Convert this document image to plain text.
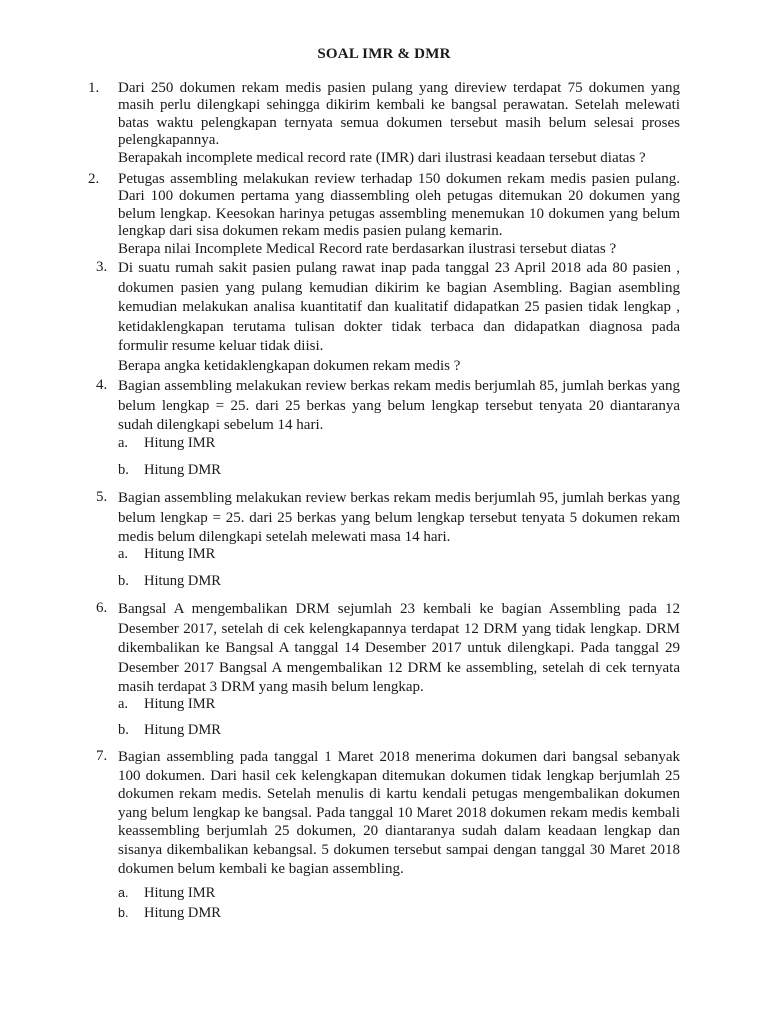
SOAL IMR & DMR
1. Dari 250 dokumen rekam medis pasien pulang yang direview terdapat 75 dokumen yang masih perlu dilengkapi sehingga dikirim kembali ke bangsal perawatan. Setelah melewati batas waktu pelengkapan ternyata semua dokumen tersebut masih belum selesai proses pelengkapannya.

Berapakah incomplete medical record rate (IMR) dari ilustrasi keadaan tersebut diatas ?

2. Petugas assembling melakukan review terhadap 150 dokumen rekam medis pasien pulang. Dari 100 dokumen pertama yang diassembling oleh petugas ditemukan 20 dokumen yang belum lengkap. Keesokan harinya petugas assembling menemukan 10 dokumen yang belum lengkap dari sisa dokumen rekam medis pasien pulang kemarin.

Berapa nilai Incomplete Medical Record rate berdasarkan ilustrasi tersebut diatas ?

3. Di suatu rumah sakit pasien pulang rawat inap pada tanggal 23 April 2018 ada 80 pasien , dokumen pasien yang pulang kemudian dikirim ke bagian Asembling. Bagian asembling kemudian melakukan analisa kuantitatif dan kualitatif didapatkan 25 pasien tidak lengkap , ketidaklengkapan terutama tulisan dokter tidak terbaca dan didapatkan diagnosa pada formulir resume keluar tidak diisi.

Berapa angka ketidaklengkapan dokumen rekam medis ?

4. Bagian assembling melakukan review berkas rekam medis berjumlah 85, jumlah berkas yang belum lengkap = 25. dari 25 berkas yang belum lengkap tersebut tenyata 20 diantaranya sudah dilengkapi sebelum 14 hari.

a. Hitung IMR
b. Hitung DMR
5. Bagian assembling melakukan review berkas rekam medis berjumlah 95, jumlah berkas yang belum lengkap = 25. dari 25 berkas yang belum lengkap tersebut tenyata 5 dokumen rekam medis belum dilengkapi setelah melewati masa 14 hari.

a. Hitung IMR
b. Hitung DMR
6. Bangsal A mengembalikan DRM sejumlah 23 kembali ke bagian Assembling pada 12 Desember 2017, setelah di cek kelengkapannya terdapat 12 DRM yang tidak lengkap. DRM dikembalikan ke Bangsal A tanggal 14 Desember 2017 untuk dilengkapi. Pada tanggal 29 Desember 2017 Bangsal A mengembalikan 12 DRM ke assembling, setelah di cek ternyata masih terdapat 3 DRM yang masih belum lengkap.

a. Hitung IMR
b. Hitung DMR
7. Bagian assembling pada tanggal 1 Maret 2018 menerima dokumen dari bangsal sebanyak 100 dokumen. Dari hasil cek kelengkapan ditemukan dokumen tidak lengkap berjumlah 25 dokumen rekam medis. Setelah menulis di kartu kendali petugas mengembalikan dokumen yang belum lengkap ke bangsal. Pada tanggal 10 Maret 2018 dokumen rekam medis kembali keassembling berjumlah 25 dokumen, 20 diantaranya sudah dalam keadaan lengkap dan sisanya dikembalikan kebangsal. 5 dokumen tersebut sampai dengan tanggal 30 Maret 2018 dokumen belum kembali ke bagian assembling.

a. Hitung IMR
b. Hitung DMR
